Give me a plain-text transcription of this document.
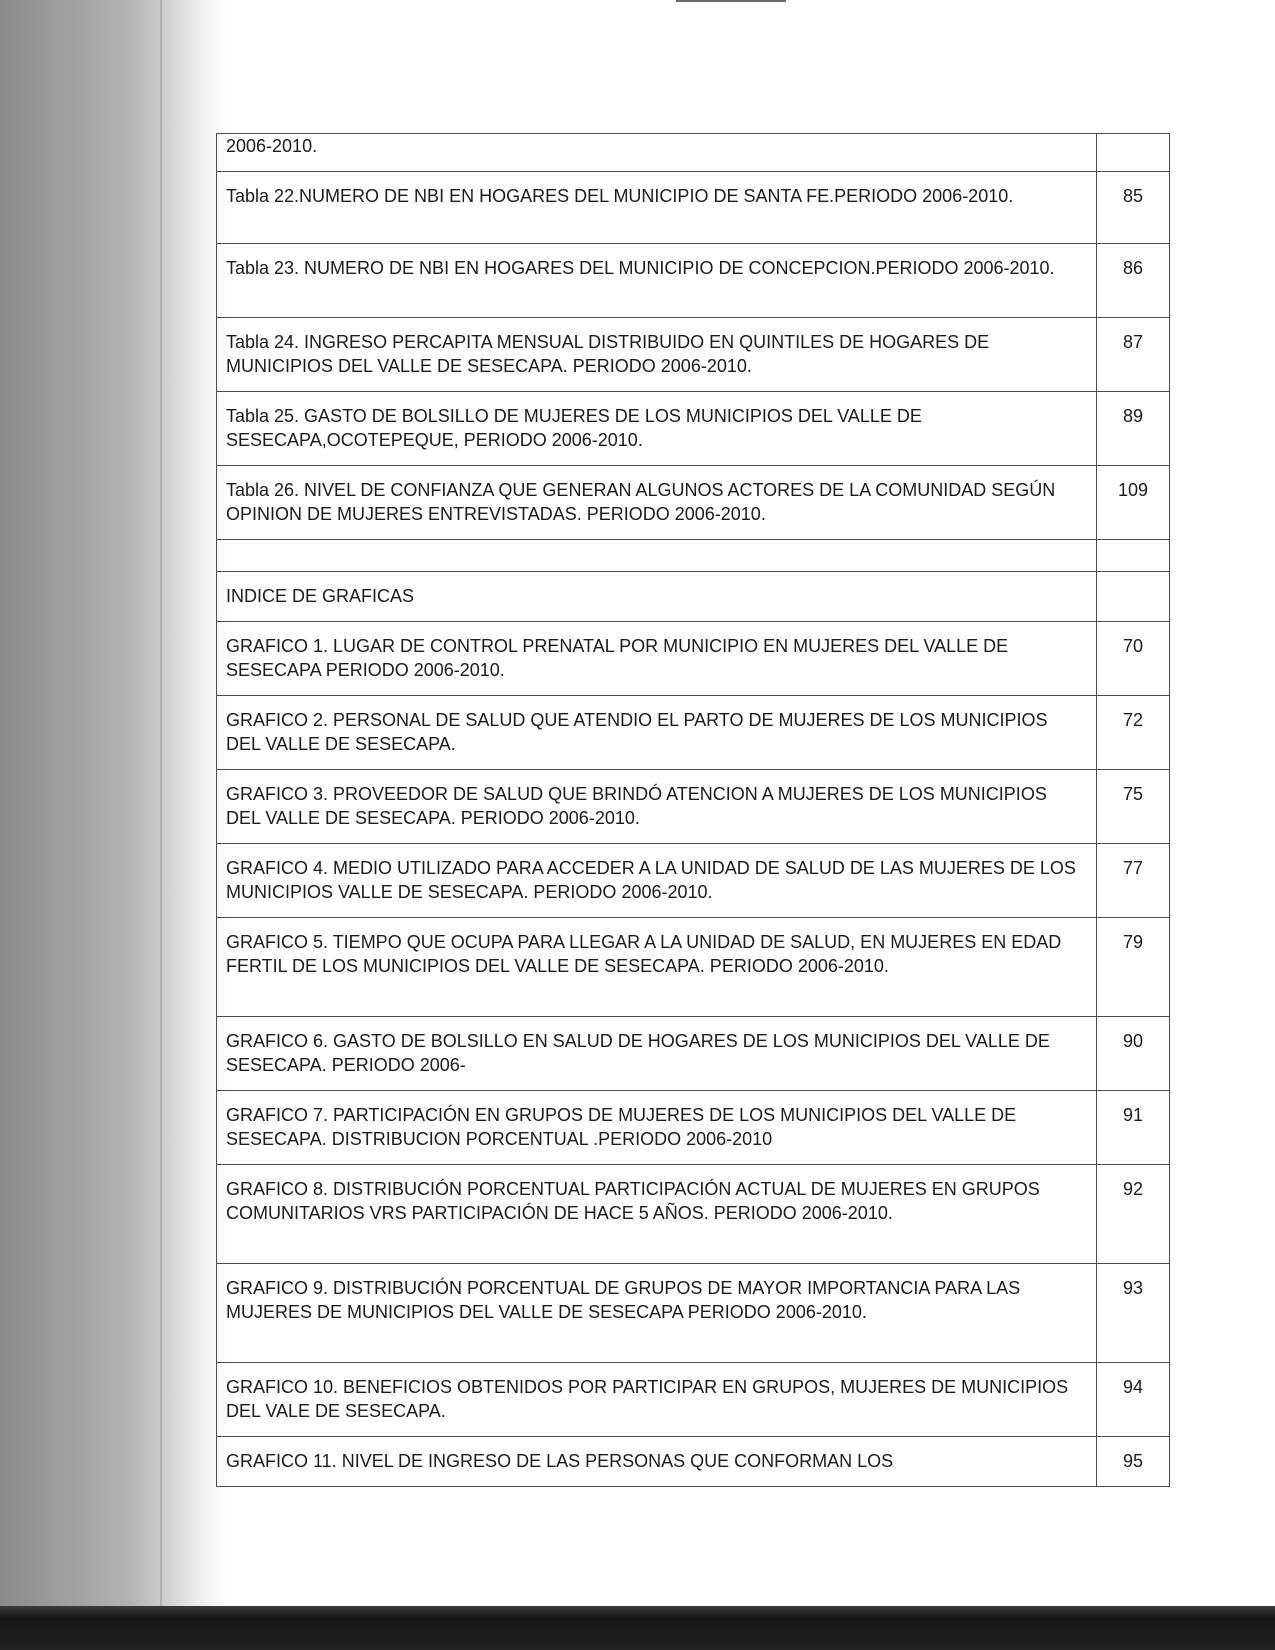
2006-2010.	
Tabla 22.NUMERO DE NBI EN HOGARES DEL MUNICIPIO DE SANTA FE.PERIODO 2006-2010.	85
Tabla 23. NUMERO DE NBI EN HOGARES DEL MUNICIPIO DE CONCEPCION.PERIODO 2006-2010.	86
Tabla 24. INGRESO PERCAPITA MENSUAL DISTRIBUIDO EN QUINTILES DE HOGARES DE MUNICIPIOS DEL VALLE DE SESECAPA. PERIODO 2006-2010.	87
Tabla 25. GASTO DE BOLSILLO DE MUJERES DE LOS MUNICIPIOS DEL VALLE DE SESECAPA,OCOTEPEQUE, PERIODO 2006-2010.	89
Tabla 26. NIVEL DE CONFIANZA QUE GENERAN ALGUNOS ACTORES DE LA COMUNIDAD SEGÚN OPINION DE MUJERES ENTREVISTADAS. PERIODO 2006-2010.	109

INDICE DE GRAFICAS	
GRAFICO 1. LUGAR DE CONTROL PRENATAL POR MUNICIPIO EN MUJERES DEL VALLE DE SESECAPA PERIODO 2006-2010.	70
GRAFICO 2. PERSONAL DE SALUD QUE ATENDIO EL PARTO DE MUJERES DE LOS MUNICIPIOS DEL VALLE DE SESECAPA.	72
GRAFICO 3. PROVEEDOR DE SALUD QUE BRINDÓ ATENCION A MUJERES DE LOS MUNICIPIOS DEL VALLE DE SESECAPA. PERIODO 2006-2010.	75
GRAFICO 4. MEDIO UTILIZADO PARA ACCEDER A LA UNIDAD DE SALUD DE LAS MUJERES DE LOS MUNICIPIOS VALLE DE SESECAPA. PERIODO 2006-2010.	77
GRAFICO 5. TIEMPO QUE OCUPA PARA LLEGAR A LA UNIDAD DE SALUD, EN MUJERES EN EDAD FERTIL DE LOS MUNICIPIOS DEL VALLE DE SESECAPA. PERIODO 2006-2010.	79
GRAFICO 6. GASTO DE BOLSILLO EN SALUD DE HOGARES DE LOS MUNICIPIOS DEL VALLE DE SESECAPA. PERIODO 2006-	90
GRAFICO 7. PARTICIPACIÓN EN GRUPOS DE MUJERES DE LOS MUNICIPIOS DEL VALLE DE SESECAPA. DISTRIBUCION PORCENTUAL .PERIODO 2006-2010	91
GRAFICO 8. DISTRIBUCIÓN PORCENTUAL PARTICIPACIÓN ACTUAL DE MUJERES EN GRUPOS COMUNITARIOS VRS PARTICIPACIÓN DE HACE 5 AÑOS. PERIODO 2006-2010.	92
GRAFICO 9. DISTRIBUCIÓN PORCENTUAL DE GRUPOS DE MAYOR IMPORTANCIA PARA LAS MUJERES DE MUNICIPIOS DEL VALLE DE SESECAPA PERIODO 2006-2010.	93
GRAFICO 10. BENEFICIOS OBTENIDOS POR PARTICIPAR EN GRUPOS, MUJERES DE MUNICIPIOS DEL VALE DE SESECAPA.	94
GRAFICO 11. NIVEL DE INGRESO DE LAS PERSONAS QUE CONFORMAN LOS	95
